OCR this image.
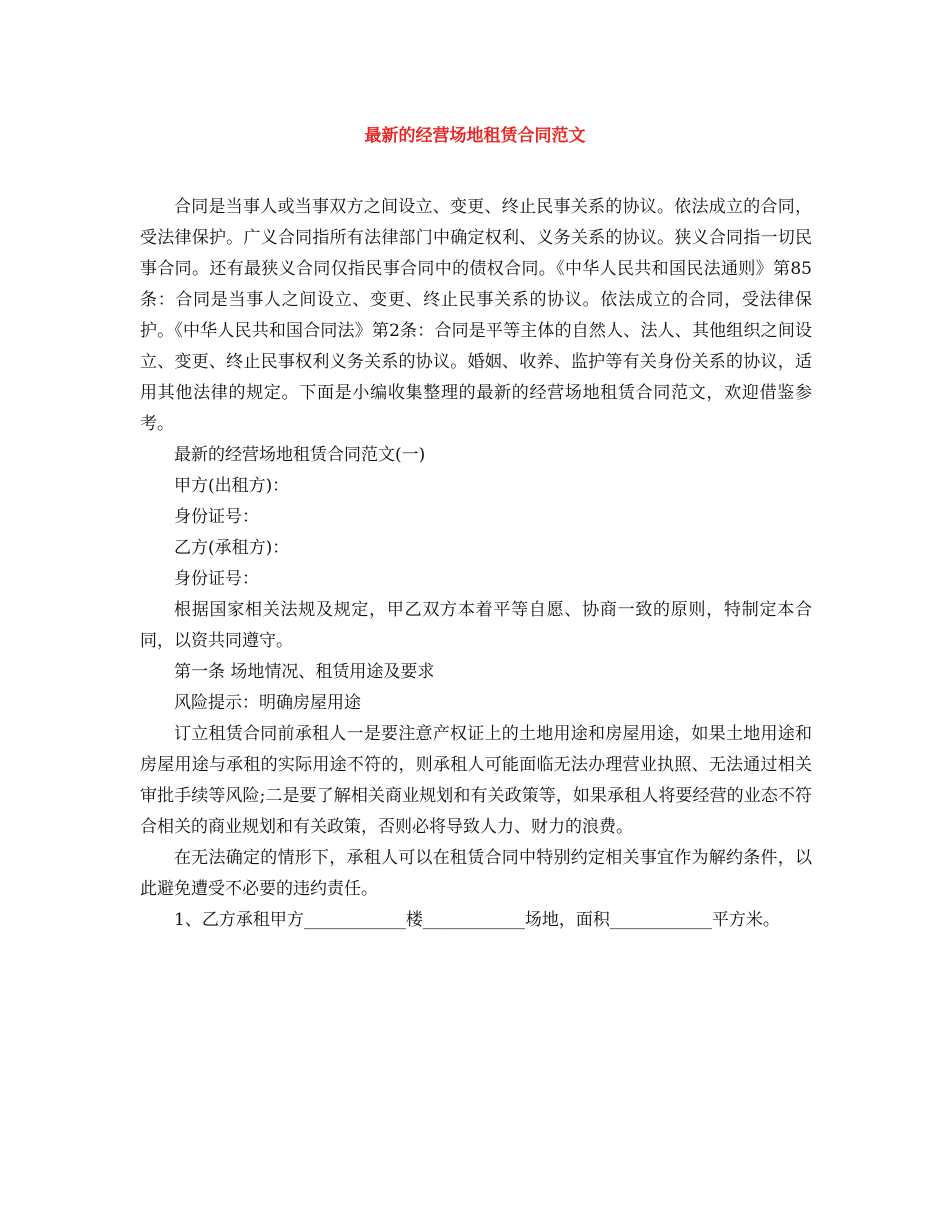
最新的经营场地租赁合同范文

合同是当事人或当事双方之间设立、变更、终止民事关系的协议。依法成立的合同，受法律保护。广义合同指所有法律部门中确定权利、义务关系的协议。狭义合同指一切民事合同。还有最狭义合同仅指民事合同中的债权合同。《中华人民共和国民法通则》第85条：合同是当事人之间设立、变更、终止民事关系的协议。依法成立的合同，受法律保护。《中华人民共和国合同法》第2条：合同是平等主体的自然人、法人、其他组织之间设立、变更、终止民事权利义务关系的协议。婚姻、收养、监护等有关身份关系的协议，适用其他法律的规定。下面是小编收集整理的最新的经营场地租赁合同范文，欢迎借鉴参考。

最新的经营场地租赁合同范文(一)

甲方(出租方)：

身份证号：

乙方(承租方)：

身份证号：

根据国家相关法规及规定，甲乙双方本着平等自愿、协商一致的原则，特制定本合同，以资共同遵守。

第一条 场地情况、租赁用途及要求

风险提示：明确房屋用途

订立租赁合同前承租人一是要注意产权证上的土地用途和房屋用途，如果土地用途和房屋用途与承租的实际用途不符的，则承租人可能面临无法办理营业执照、无法通过相关审批手续等风险;二是要了解相关商业规划和有关政策等，如果承租人将要经营的业态不符合相关的商业规划和有关政策，否则必将导致人力、财力的浪费。

在无法确定的情形下，承租人可以在租赁合同中特别约定相关事宜作为解约条件，以此避免遭受不必要的违约责任。

1、乙方承租甲方____________楼____________场地，面积____________平方米。
